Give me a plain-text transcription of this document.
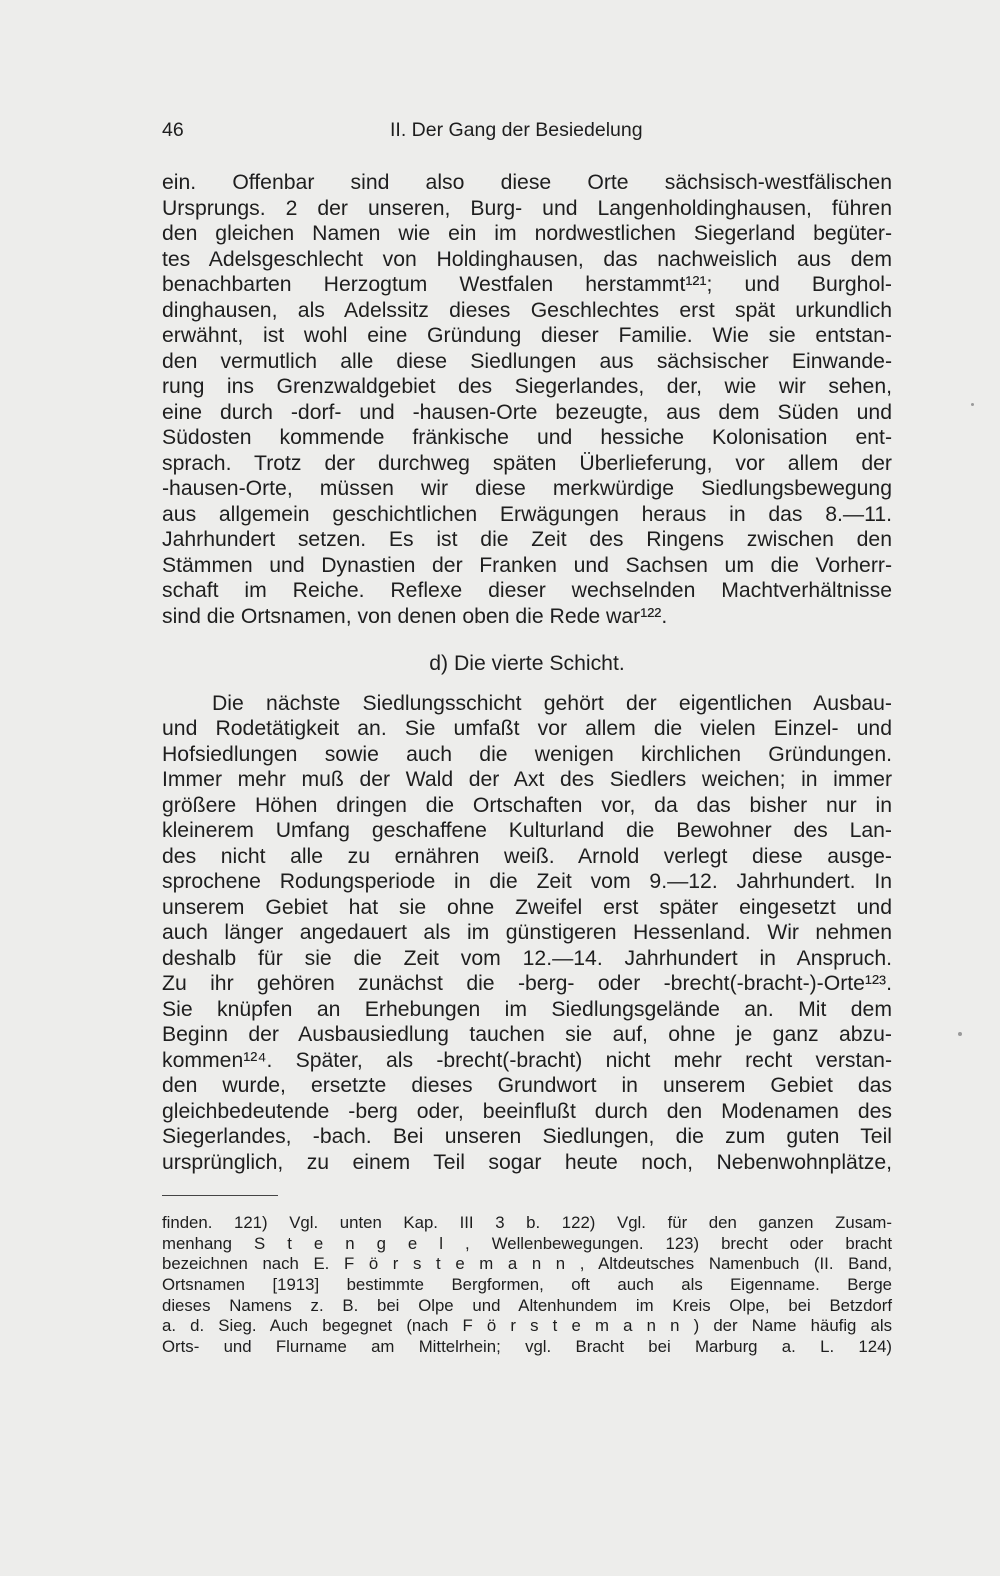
46	II. Der Gang der Besiedelung
ein. Offenbar sind also diese Orte sächsisch-westfälischen
Ursprungs. 2 der unseren, Burg- und Langenholdinghausen, führen
den gleichen Namen wie ein im nordwestlichen Siegerland begüter-
tes Adelsgeschlecht von Holdinghausen, das nachweislich aus dem
benachbarten Herzogtum Westfalen herstammt¹²¹; und Burghol-
dinghausen, als Adelssitz dieses Geschlechtes erst spät urkundlich
erwähnt, ist wohl eine Gründung dieser Familie. Wie sie entstan-
den vermutlich alle diese Siedlungen aus sächsischer Einwande-
rung ins Grenzwaldgebiet des Siegerlandes, der, wie wir sehen,
eine durch -dorf- und -hausen-Orte bezeugte, aus dem Süden und
Südosten kommende fränkische und hessiche Kolonisation ent-
sprach. Trotz der durchweg späten Überlieferung, vor allem der
-hausen-Orte, müssen wir diese merkwürdige Siedlungsbewegung
aus allgemein geschichtlichen Erwägungen heraus in das 8.—11.
Jahrhundert setzen. Es ist die Zeit des Ringens zwischen den
Stämmen und Dynastien der Franken und Sachsen um die Vorherr-
schaft im Reiche. Reflexe dieser wechselnden Machtverhältnisse
sind die Ortsnamen, von denen oben die Rede war¹²².
d) Die vierte Schicht.
Die nächste Siedlungsschicht gehört der eigentlichen Ausbau-
und Rodetätigkeit an. Sie umfaßt vor allem die vielen Einzel- und
Hofsiedlungen sowie auch die wenigen kirchlichen Gründungen.
Immer mehr muß der Wald der Axt des Siedlers weichen; in immer
größere Höhen dringen die Ortschaften vor, da das bisher nur in
kleinerem Umfang geschaffene Kulturland die Bewohner des Lan-
des nicht alle zu ernähren weiß. Arnold verlegt diese ausge-
sprochene Rodungsperiode in die Zeit vom 9.—12. Jahrhundert. In
unserem Gebiet hat sie ohne Zweifel erst später eingesetzt und
auch länger angedauert als im günstigeren Hessenland. Wir nehmen
deshalb für sie die Zeit vom 12.—14. Jahrhundert in Anspruch.
Zu ihr gehören zunächst die -berg- oder -brecht(-bracht-)-Orte¹²³.
Sie knüpfen an Erhebungen im Siedlungsgelände an. Mit dem
Beginn der Ausbausiedlung tauchen sie auf, ohne je ganz abzu-
kommen¹²⁴. Später, als -brecht(-bracht) nicht mehr recht verstan-
den wurde, ersetzte dieses Grundwort in unserem Gebiet das
gleichbedeutende -berg oder, beeinflußt durch den Modenamen des
Siegerlandes, -bach. Bei unseren Siedlungen, die zum guten Teil
ursprünglich, zu einem Teil sogar heute noch, Nebenwohnplätze,
finden. 121) Vgl. unten Kap. III 3 b. 122) Vgl. für den ganzen Zusam-
menhang S t e n g e l , Wellenbewegungen. 123) brecht oder bracht
bezeichnen nach E. F ö r s t e m a n n , Altdeutsches Namenbuch (II. Band,
Ortsnamen [1913] bestimmte Bergformen, oft auch als Eigenname. Berge
dieses Namens z. B. bei Olpe und Altenhundem im Kreis Olpe, bei Betzdorf
a. d. Sieg. Auch begegnet (nach F ö r s t e m a n n ) der Name häufig als
Orts- und Flurname am Mittelrhein; vgl. Bracht bei Marburg a. L. 124)
